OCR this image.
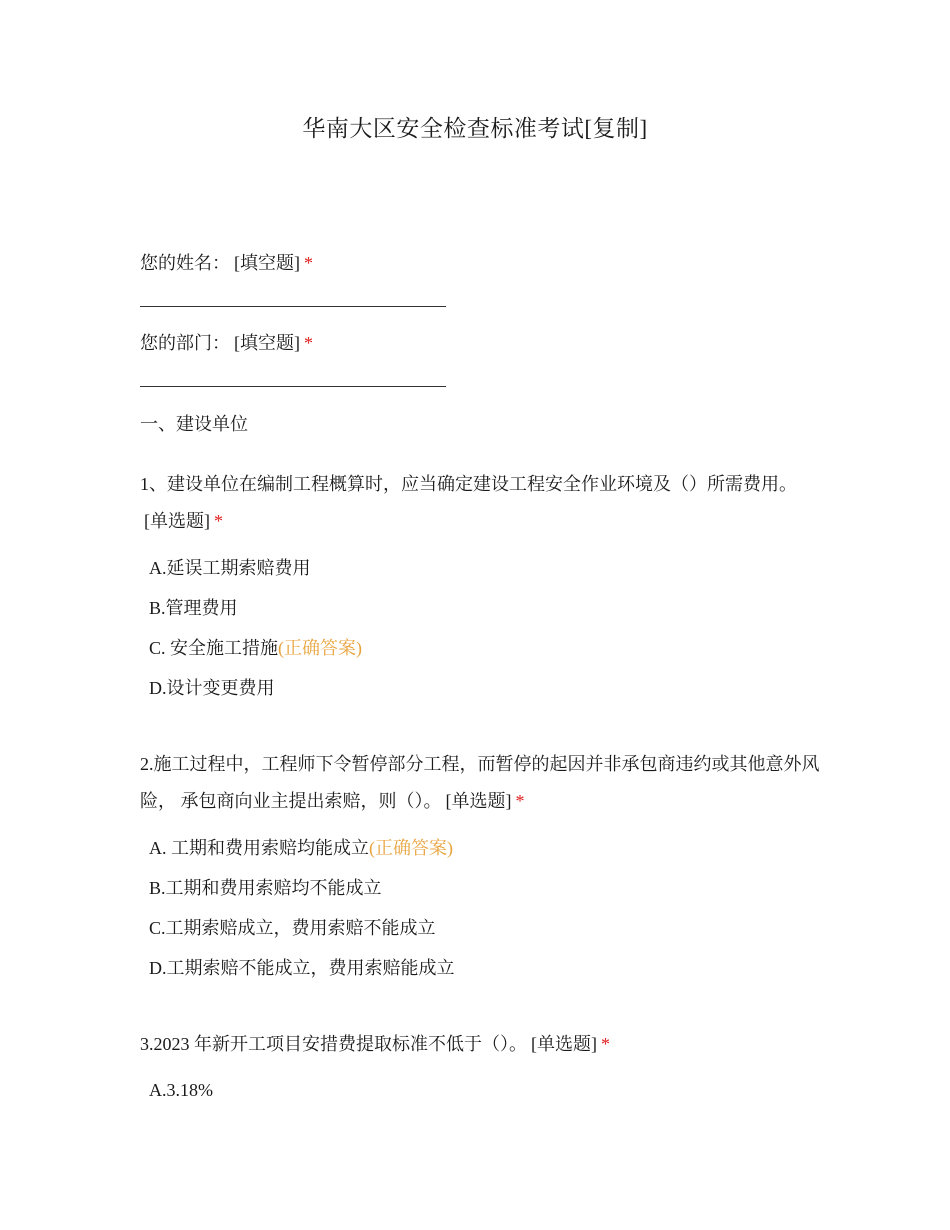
华南大区安全检查标准考试[复制]
您的姓名： [填空题] *
您的部门： [填空题] *
一、建设单位
1、建设单位在编制工程概算时，应当确定建设工程安全作业环境及（）所需费用。[单选题] *
A.延误工期索赔费用
B.管理费用
C. 安全施工措施(正确答案)
D.设计变更费用
2.施工过程中，工程师下令暂停部分工程，而暂停的起因并非承包商违约或其他意外风险， 承包商向业主提出索赔，则（）。 [单选题] *
A. 工期和费用索赔均能成立(正确答案)
B.工期和费用索赔均不能成立
C.工期索赔成立，费用索赔不能成立
D.工期索赔不能成立，费用索赔能成立
3.2023 年新开工项目安措费提取标准不低于（）。 [单选题] *
A.3.18%
